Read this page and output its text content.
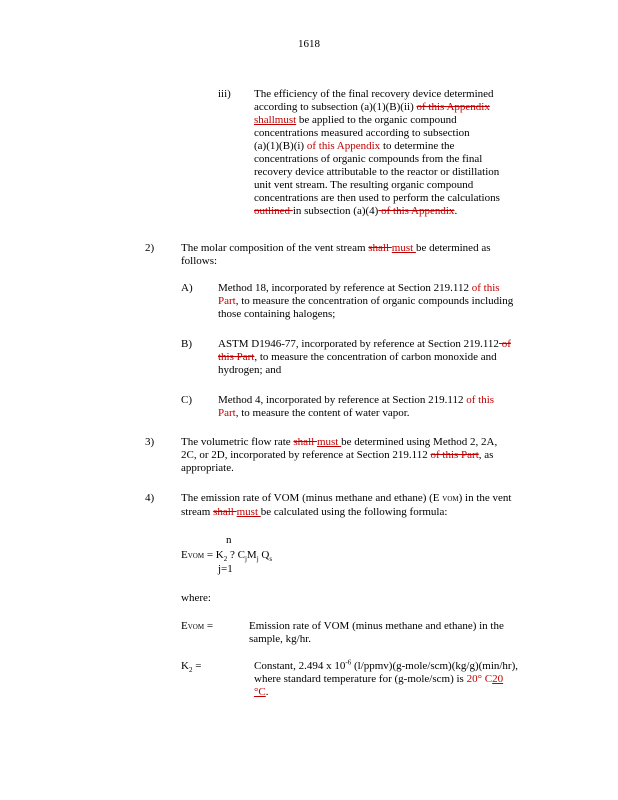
1618
iii) The efficiency of the final recovery device determined
according to subsection (a)(1)(B)(ii) of this Appendix
shallmust be applied to the organic compound
concentrations measured according to subsection
(a)(1)(B)(i) of this Appendix to determine the
concentrations of organic compounds from the final
recovery device attributable to the reactor or distillation
unit vent stream. The resulting organic compound
concentrations are then used to perform the calculations
outlined in subsection (a)(4) of this Appendix.
2) The molar composition of the vent stream shall must be determined as
follows:
A) Method 18, incorporated by reference at Section 219.112 of this
Part, to measure the concentration of organic compounds including
those containing halogens;
B) ASTM D1946-77, incorporated by reference at Section 219.112 of
this Part, to measure the concentration of carbon monoxide and
hydrogen; and
C) Method 4, incorporated by reference at Section 219.112 of this
Part, to measure the content of water vapor.
3) The volumetric flow rate shall must be determined using Method 2, 2A,
2C, or 2D, incorporated by reference at Section 219.112 of this Part, as
appropriate.
4) The emission rate of VOM (minus methane and ethane) (E VOM) in the vent
stream shall must be calculated using the following formula:
n
EVOM = $K_2$ ? $C_jM_j$ $Q_s$
j=1
where:
EVOM =	Emission rate of VOM (minus methane and ethane) in the
sample, kg/hr.
$K_2$ =	Constant, 2.494 x $10^{-6}$ (l/ppmv)(g-mole/scm)(kg/g)(min/hr),
where standard temperature for (g-mole/scm) is 20° C20
°C.
